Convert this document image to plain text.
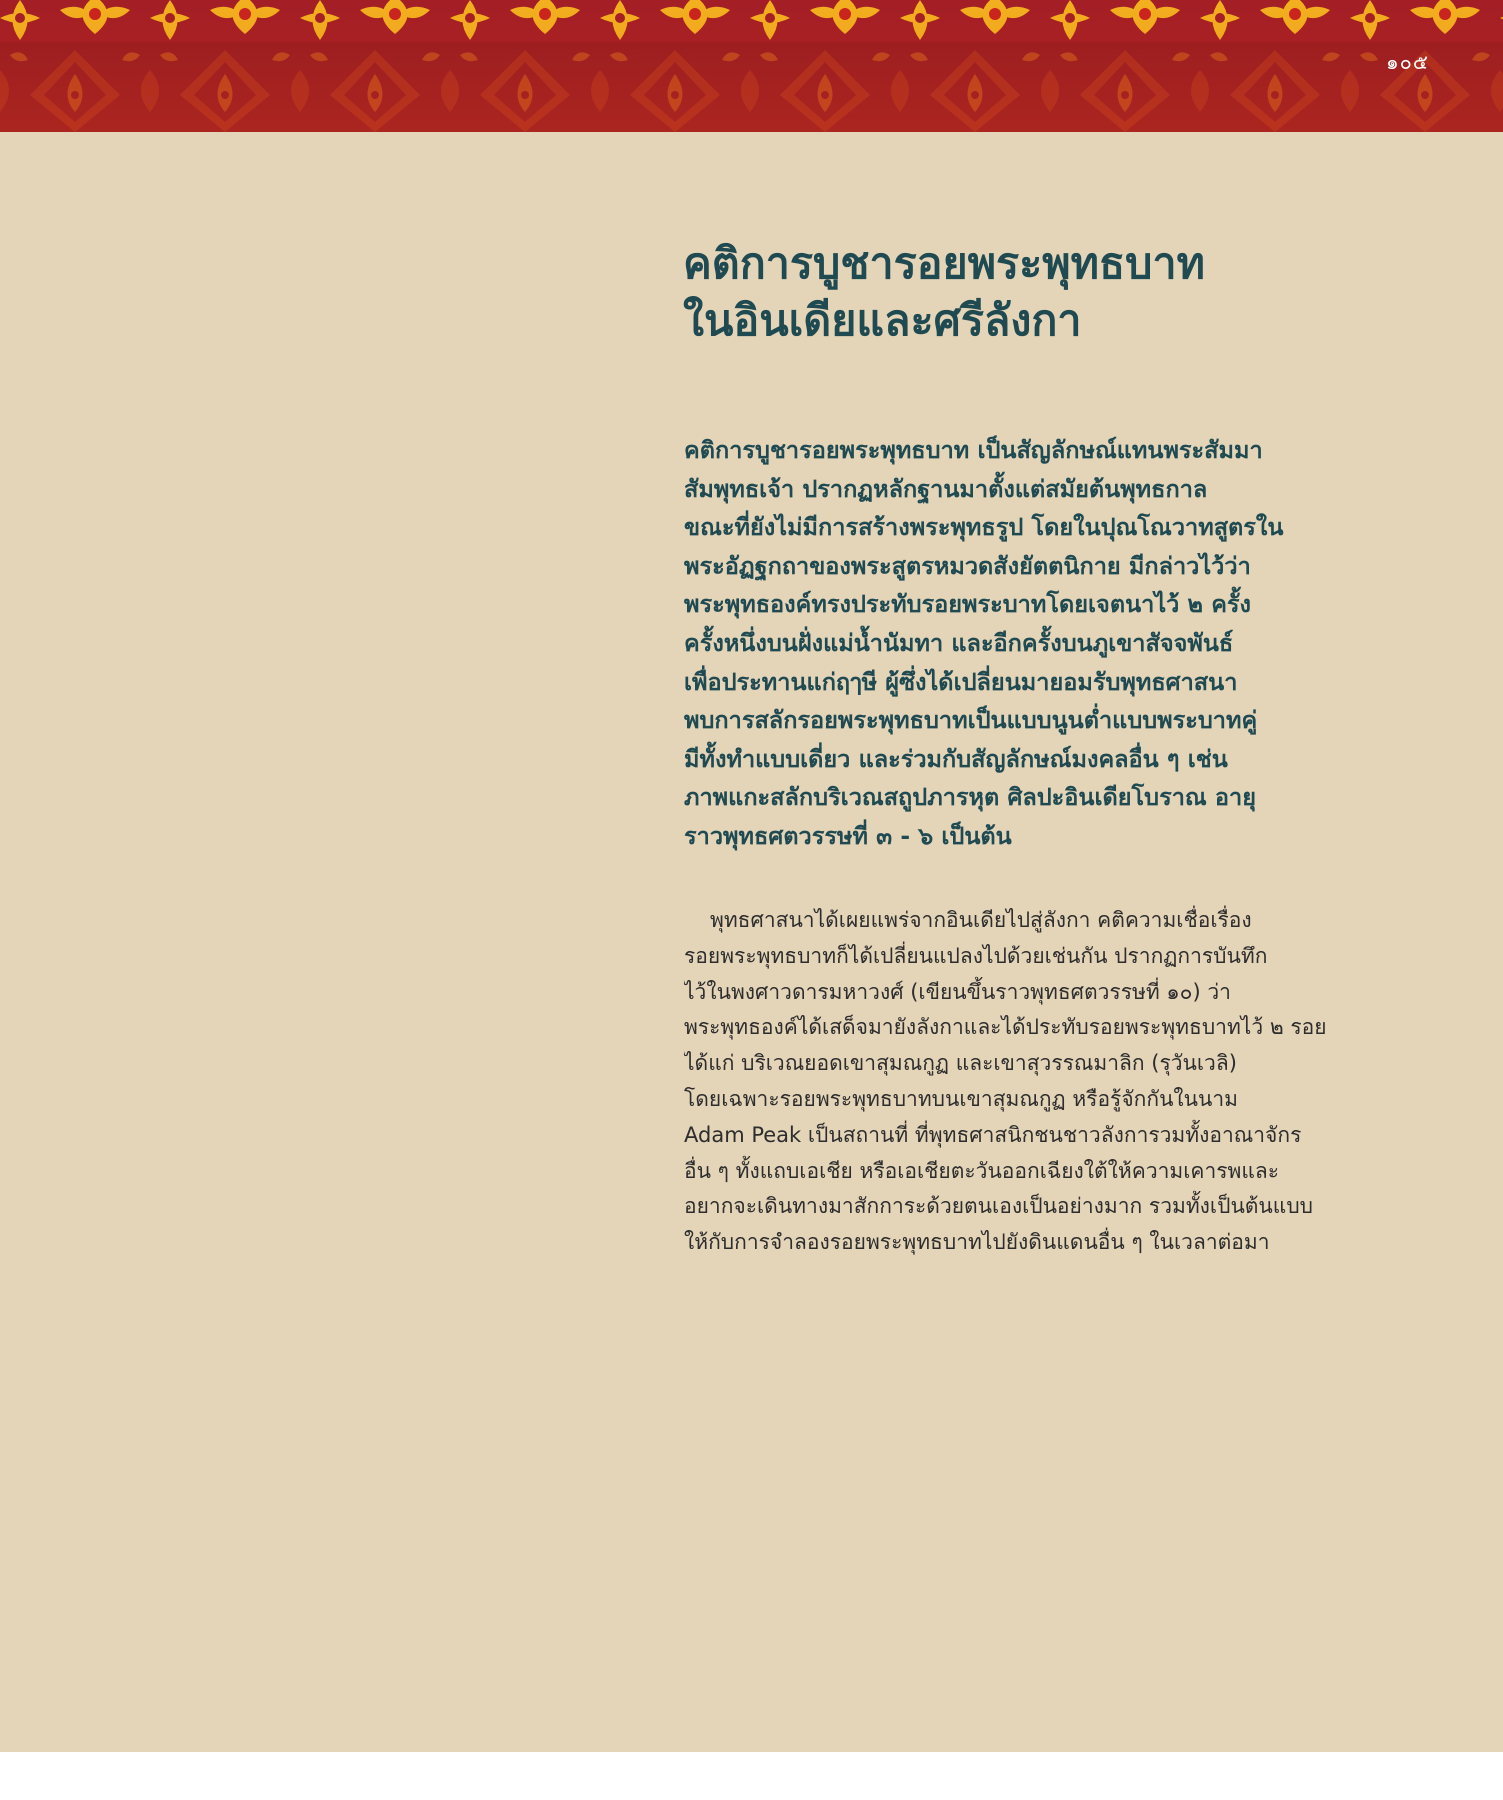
๑๐๕
คติการบูชารอยพระพุทธบาท
ในอินเดียและศรีลังกา
คติการบูชารอยพระพุทธบาท เป็นสัญลักษณ์แทนพระสัมมา
สัมพุทธเจ้า ปรากฏหลักฐานมาตั้งแต่สมัยต้นพุทธกาล
ขณะที่ยังไม่มีการสร้างพระพุทธรูป โดยในปุณโณวาทสูตรใน
พระอัฏฐกถาของพระสูตรหมวดสังยัตตนิกาย มีกล่าวไว้ว่า
พระพุทธองค์ทรงประทับรอยพระบาทโดยเจตนาไว้ ๒ ครั้ง
ครั้งหนึ่งบนฝั่งแม่น้ำนัมทา และอีกครั้งบนภูเขาสัจจพันธ์
เพื่อประทานแก่ฤๅษี ผู้ซึ่งได้เปลี่ยนมายอมรับพุทธศาสนา
พบการสลักรอยพระพุทธบาทเป็นแบบนูนต่ำแบบพระบาทคู่
มีทั้งทำแบบเดี่ยว และร่วมกับสัญลักษณ์มงคลอื่น ๆ เช่น
ภาพแกะสลักบริเวณสถูปภารหุต ศิลปะอินเดียโบราณ อายุ
ราวพุทธศตวรรษที่ ๓ - ๖ เป็นต้น
พุทธศาสนาได้เผยแพร่จากอินเดียไปสู่ลังกา คติความเชื่อเรื่อง
รอยพระพุทธบาทก็ได้เปลี่ยนแปลงไปด้วยเช่นกัน ปรากฏการบันทึก
ไว้ในพงศาวดารมหาวงศ์ (เขียนขึ้นราวพุทธศตวรรษที่ ๑๐) ว่า
พระพุทธองค์ได้เสด็จมายังลังกาและได้ประทับรอยพระพุทธบาทไว้ ๒ รอย
ได้แก่ บริเวณยอดเขาสุมณกูฏ และเขาสุวรรณมาลิก (รุวันเวลิ)
โดยเฉพาะรอยพระพุทธบาทบนเขาสุมณกูฏ หรือรู้จักกันในนาม
Adam Peak เป็นสถานที่ ที่พุทธศาสนิกชนชาวลังการวมทั้งอาณาจักร
อื่น ๆ ทั้งแถบเอเชีย หรือเอเชียตะวันออกเฉียงใต้ให้ความเคารพและ
อยากจะเดินทางมาสักการะด้วยตนเองเป็นอย่างมาก รวมทั้งเป็นต้นแบบ
ให้กับการจำลองรอยพระพุทธบาทไปยังดินแดนอื่น ๆ ในเวลาต่อมา
